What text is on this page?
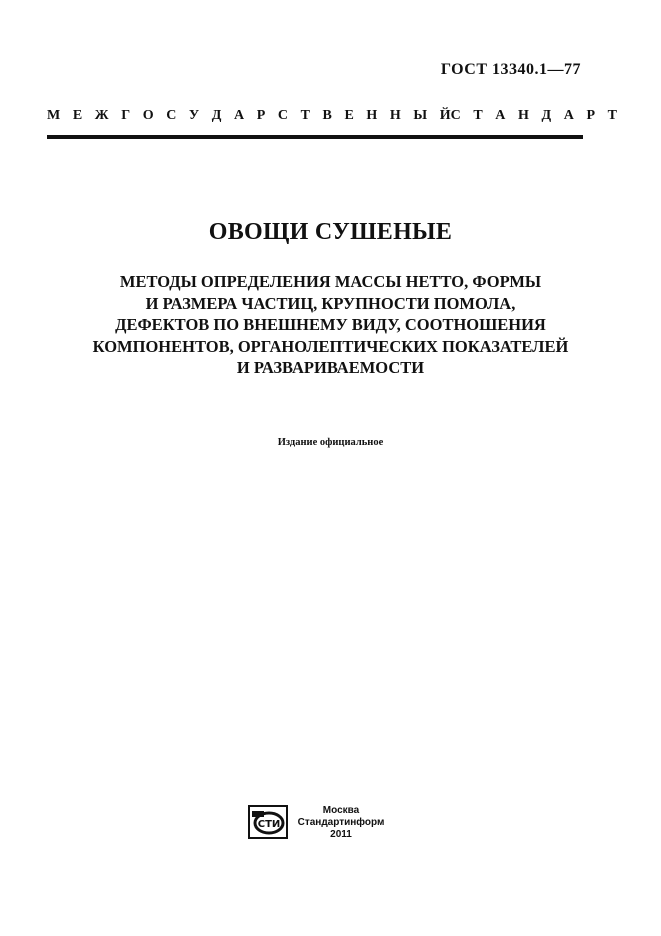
ГОСТ 13340.1—77
М Е Ж Г О С У Д А Р С Т В Е Н Н Ы Й С Т А Н Д А Р Т
ОВОЩИ СУШЕНЫЕ
МЕТОДЫ ОПРЕДЕЛЕНИЯ МАССЫ НЕТТО, ФОРМЫ
И РАЗМЕРА ЧАСТИЦ, КРУПНОСТИ ПОМОЛА,
ДЕФЕКТОВ ПО ВНЕШНЕМУ ВИДУ, СООТНОШЕНИЯ
КОМПОНЕНТОВ, ОРГАНОЛЕПТИЧЕСКИХ ПОКАЗАТЕЛЕЙ
И РАЗВАРИВАЕМОСТИ
Издание официальное
СТИ
Москва
Стандартинформ
2011
